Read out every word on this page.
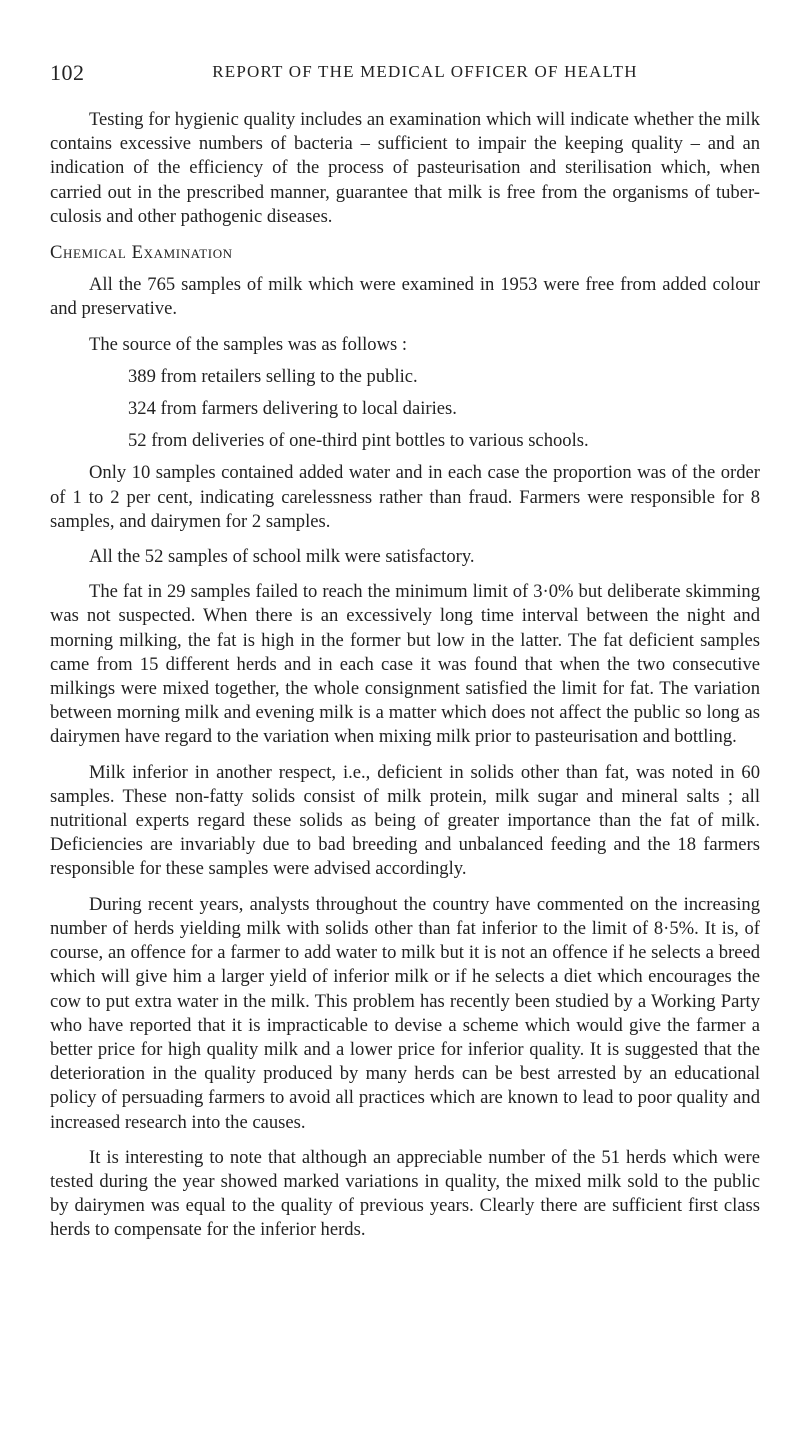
102	REPORT OF THE MEDICAL OFFICER OF HEALTH

Testing for hygienic quality includes an examination which will indicate whether the milk contains excessive numbers of bacteria – sufficient to impair the keeping quality – and an indication of the efficiency of the process of pasteurisation and sterilisation which, when carried out in the prescribed manner, guarantee that milk is free from the organisms of tuber-culosis and other pathogenic diseases.

Chemical Examination

All the 765 samples of milk which were examined in 1953 were free from added colour and preservative.

The source of the samples was as follows :

389 from retailers selling to the public.
324 from farmers delivering to local dairies.
52 from deliveries of one-third pint bottles to various schools.

Only 10 samples contained added water and in each case the proportion was of the order of 1 to 2 per cent, indicating carelessness rather than fraud. Farmers were responsible for 8 samples, and dairymen for 2 samples.

All the 52 samples of school milk were satisfactory.

The fat in 29 samples failed to reach the minimum limit of 3·0% but deliberate skimming was not suspected. When there is an excessively long time interval between the night and morning milking, the fat is high in the former but low in the latter. The fat deficient samples came from 15 different herds and in each case it was found that when the two consecutive milkings were mixed together, the whole consignment satisfied the limit for fat. The variation between morning milk and evening milk is a matter which does not affect the public so long as dairymen have regard to the variation when mixing milk prior to pasteurisation and bottling.

Milk inferior in another respect, i.e., deficient in solids other than fat, was noted in 60 samples. These non-fatty solids consist of milk protein, milk sugar and mineral salts ; all nutritional experts regard these solids as being of greater importance than the fat of milk. Deficiencies are invariably due to bad breeding and unbalanced feeding and the 18 farmers responsible for these samples were advised accordingly.

During recent years, analysts throughout the country have commented on the increasing number of herds yielding milk with solids other than fat inferior to the limit of 8·5%. It is, of course, an offence for a farmer to add water to milk but it is not an offence if he selects a breed which will give him a larger yield of inferior milk or if he selects a diet which encourages the cow to put extra water in the milk. This problem has recently been studied by a Working Party who have reported that it is impracticable to devise a scheme which would give the farmer a better price for high quality milk and a lower price for inferior quality. It is suggested that the deterioration in the quality produced by many herds can be best arrested by an educational policy of persuading farmers to avoid all practices which are known to lead to poor quality and increased research into the causes.

It is interesting to note that although an appreciable number of the 51 herds which were tested during the year showed marked variations in quality, the mixed milk sold to the public by dairymen was equal to the quality of previous years. Clearly there are sufficient first class herds to compensate for the inferior herds.
